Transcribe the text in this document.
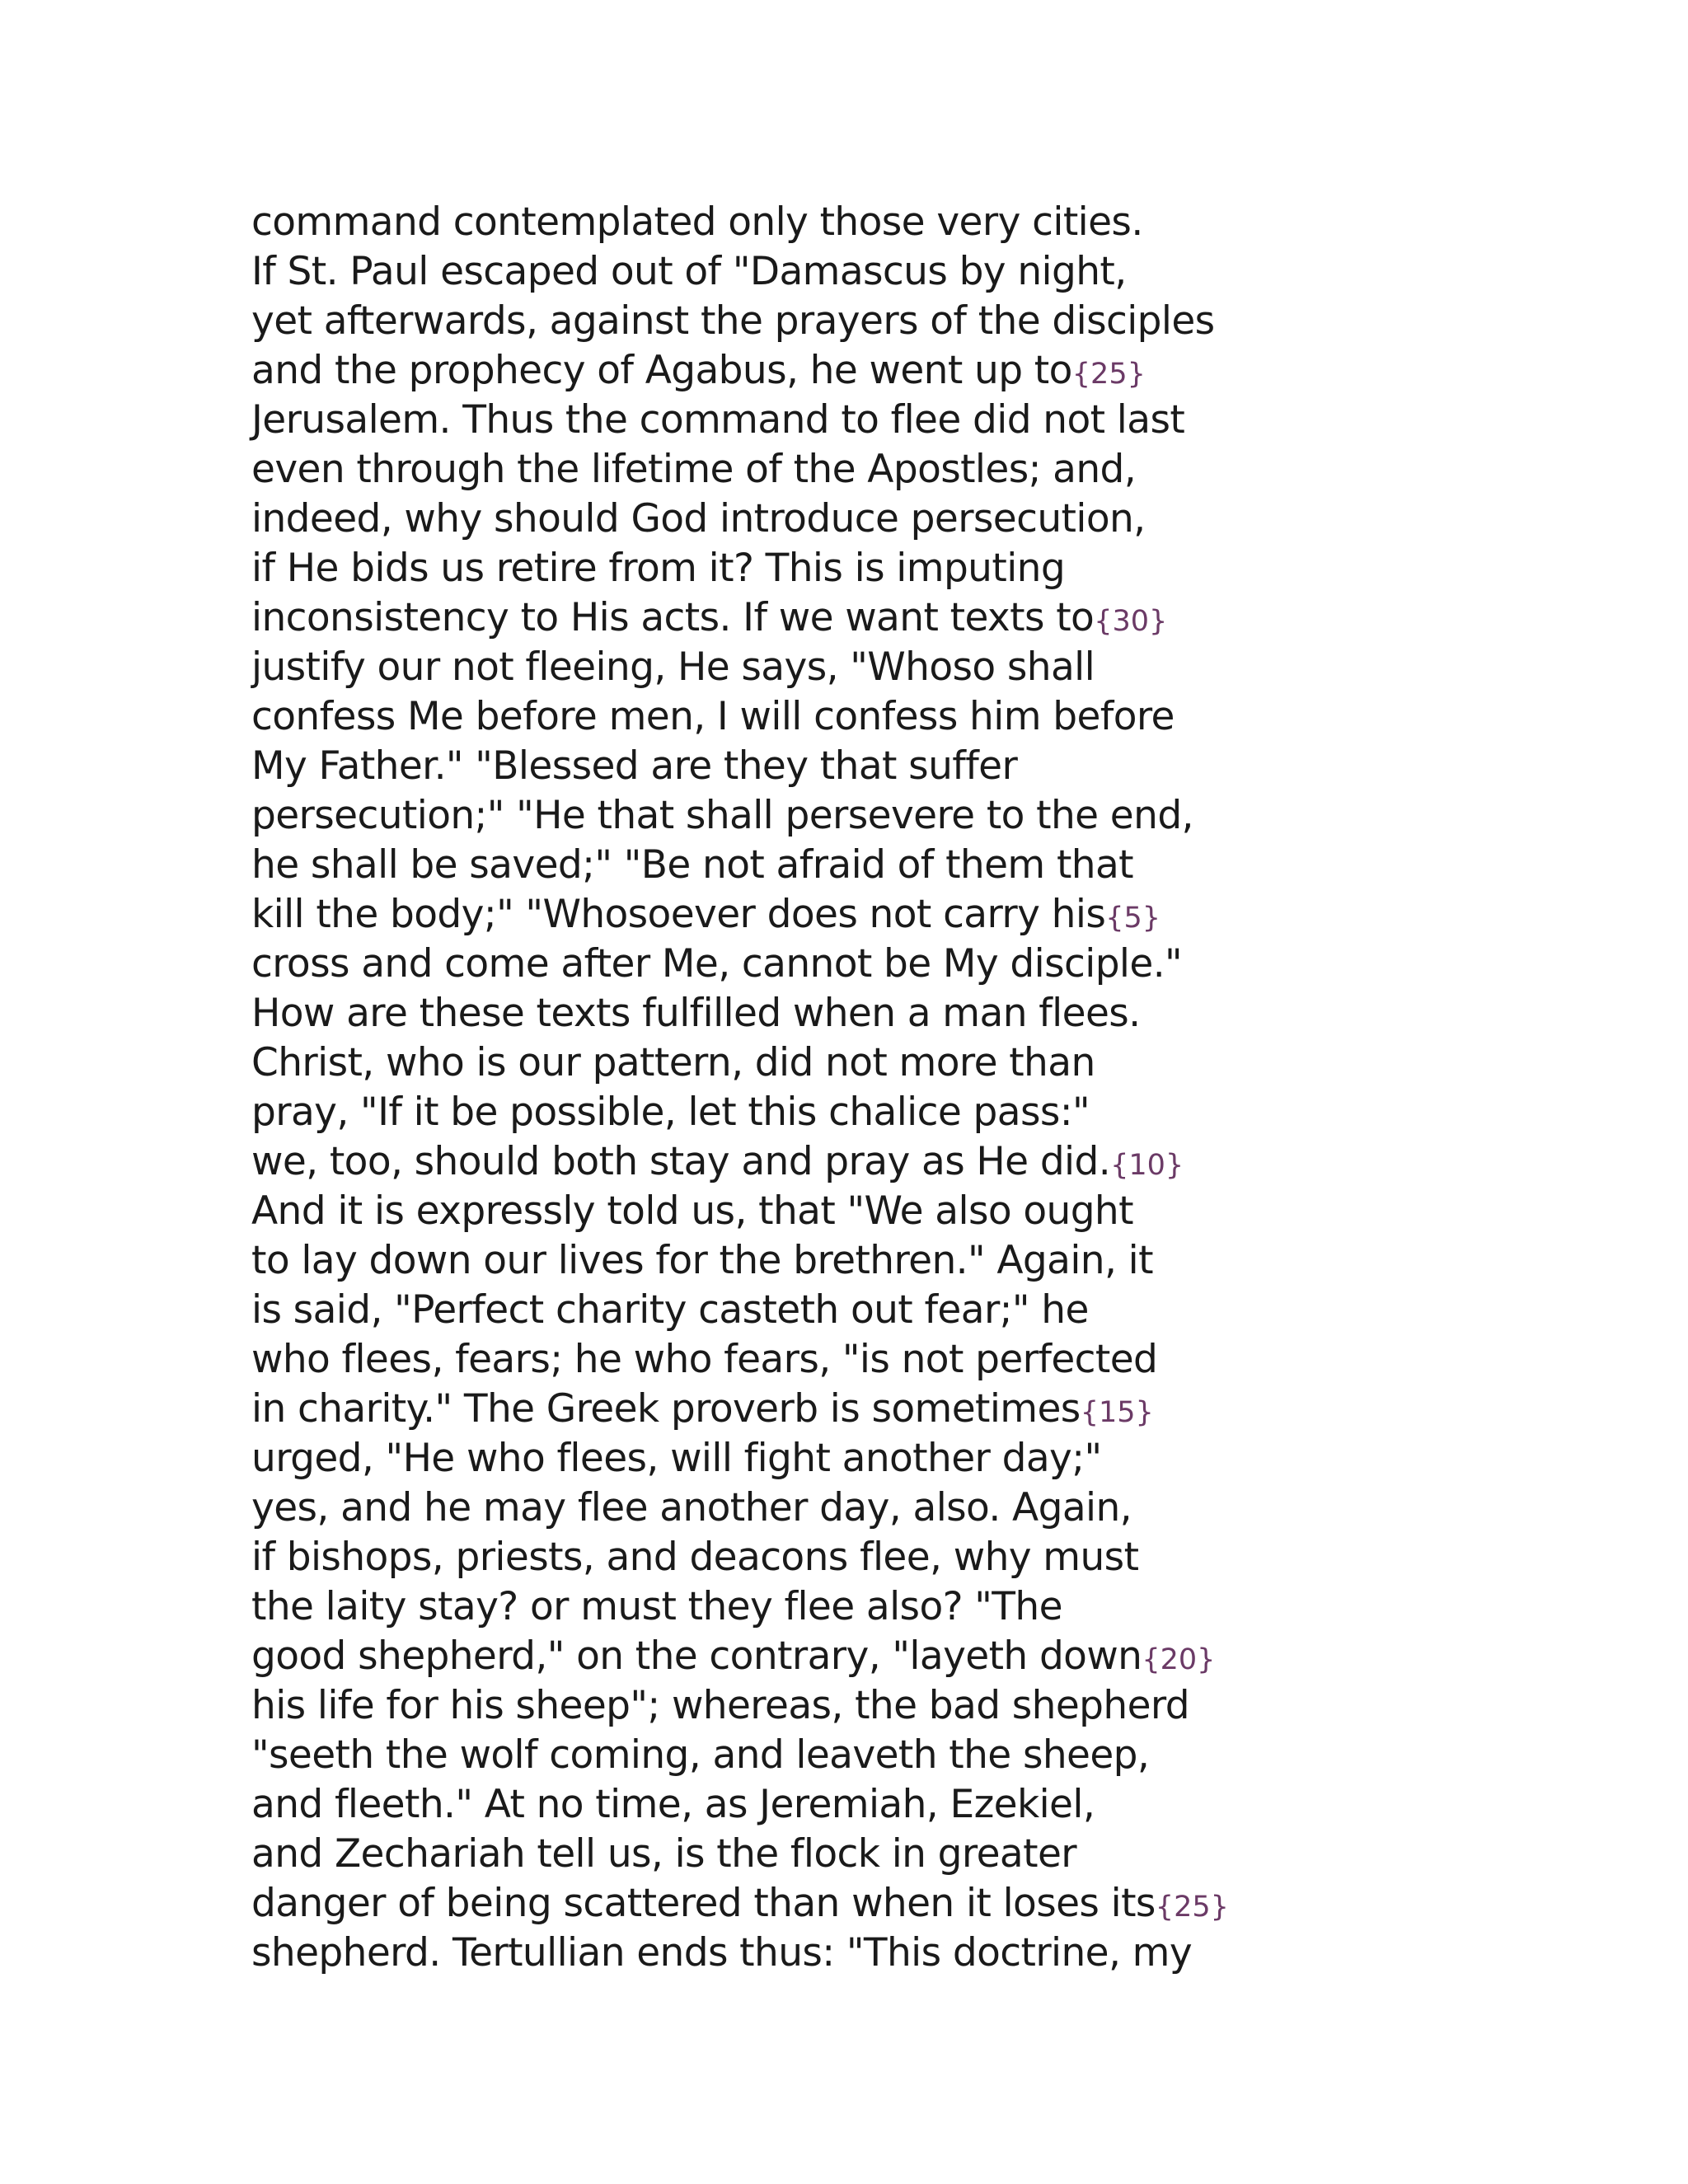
command contemplated only those very cities.
If St. Paul escaped out of "Damascus by night,
yet afterwards, against the prayers of the disciples
and the prophecy of Agabus, he went up to{25}
Jerusalem. Thus the command to flee did not last
even through the lifetime of the Apostles; and,
indeed, why should God introduce persecution,
if He bids us retire from it? This is imputing
inconsistency to His acts. If we want texts to{30}
justify our not fleeing, He says, "Whoso shall
confess Me before men, I will confess him before
My Father." "Blessed are they that suffer
persecution;" "He that shall persevere to the end,
he shall be saved;" "Be not afraid of them that
kill the body;" "Whosoever does not carry his{5}
cross and come after Me, cannot be My disciple."
How are these texts fulfilled when a man flees.
Christ, who is our pattern, did not more than
pray, "If it be possible, let this chalice pass:"
we, too, should both stay and pray as He did.{10}
And it is expressly told us, that "We also ought
to lay down our lives for the brethren." Again, it
is said, "Perfect charity casteth out fear;" he
who flees, fears; he who fears, "is not perfected
in charity." The Greek proverb is sometimes{15}
urged, "He who flees, will fight another day;"
yes, and he may flee another day, also. Again,
if bishops, priests, and deacons flee, why must
the laity stay? or must they flee also? "The
good shepherd," on the contrary, "layeth down{20}
his life for his sheep"; whereas, the bad shepherd
"seeth the wolf coming, and leaveth the sheep,
and fleeth." At no time, as Jeremiah, Ezekiel,
and Zechariah tell us, is the flock in greater
danger of being scattered than when it loses its{25}
shepherd. Tertullian ends thus: "This doctrine, my
